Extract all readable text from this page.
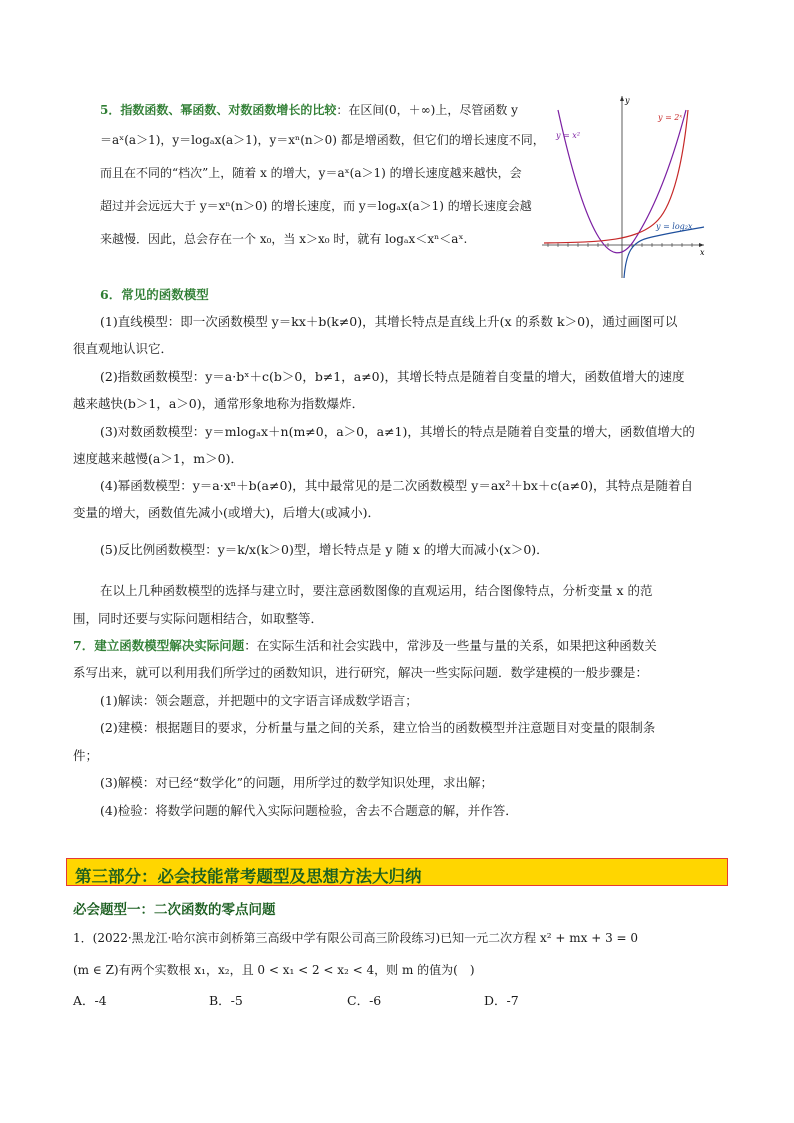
5．指数函数、幂函数、对数函数增长的比较：在区间(0，＋∞)上，尽管函数 y
＝aˣ(a＞1)，y＝logₐx(a＞1)，y＝xⁿ(n＞0) 都是增函数，但它们的增长速度不同，
而且在不同的“档次”上，随着 x 的增大，y＝aˣ(a＞1) 的增长速度越来越快，会
超过并会远远大于 y＝xⁿ(n＞0) 的增长速度，而 y＝logₐx(a＞1) 的增长速度会越
来越慢．因此，总会存在一个 x₀，当 x＞x₀ 时，就有 logₐx＜xⁿ＜aˣ.
x
y
y = x²
y = 2ˣ
y = log₂x
6．常见的函数模型
(1)直线模型：即一次函数模型 y＝kx＋b(k≠0)，其增长特点是直线上升(x 的系数 k＞0)，通过画图可以
很直观地认识它．
(2)指数函数模型：y＝a·bˣ＋c(b＞0，b≠1，a≠0)，其增长特点是随着自变量的增大，函数值增大的速度
越来越快(b＞1，a＞0)，通常形象地称为指数爆炸．
(3)对数函数模型：y＝mlogₐx＋n(m≠0，a＞0，a≠1)，其增长的特点是随着自变量的增大，函数值增大的
速度越来越慢(a＞1，m＞0)．
(4)幂函数模型：y＝a·xⁿ＋b(a≠0)，其中最常见的是二次函数模型 y＝ax²＋bx＋c(a≠0)，其特点是随着自
变量的增大，函数值先减小(或增大)，后增大(或减小)．
(5)反比例函数模型：y＝k/x(k＞0)型，增长特点是 y 随 x 的增大而减小(x＞0)．
在以上几种函数模型的选择与建立时，要注意函数图像的直观运用，结合图像特点，分析变量 x 的范
围，同时还要与实际问题相结合，如取整等．
7．建立函数模型解决实际问题：在实际生活和社会实践中，常涉及一些量与量的关系，如果把这种函数关
系写出来，就可以利用我们所学过的函数知识，进行研究，解决一些实际问题．数学建模的一般步骤是：
(1)解读：领会题意，并把题中的文字语言译成数学语言；
(2)建模：根据题目的要求，分析量与量之间的关系，建立恰当的函数模型并注意题目对变量的限制条
件；
(3)解模：对已经“数学化”的问题，用所学过的数学知识处理，求出解；
(4)检验：将数学问题的解代入实际问题检验，舍去不合题意的解，并作答．
第三部分：必会技能常考题型及思想方法大归纳
必会题型一：二次函数的零点问题
1．(2022·黑龙江·哈尔滨市剑桥第三高级中学有限公司高三阶段练习)已知一元二次方程 x² + mx + 3 = 0
(m ∈ Z)有两个实数根 x₁，x₂，且 0 < x₁ < 2 < x₂ < 4，则 m 的值为(　)
A．-4	B．-5	C．-6	D．-7
